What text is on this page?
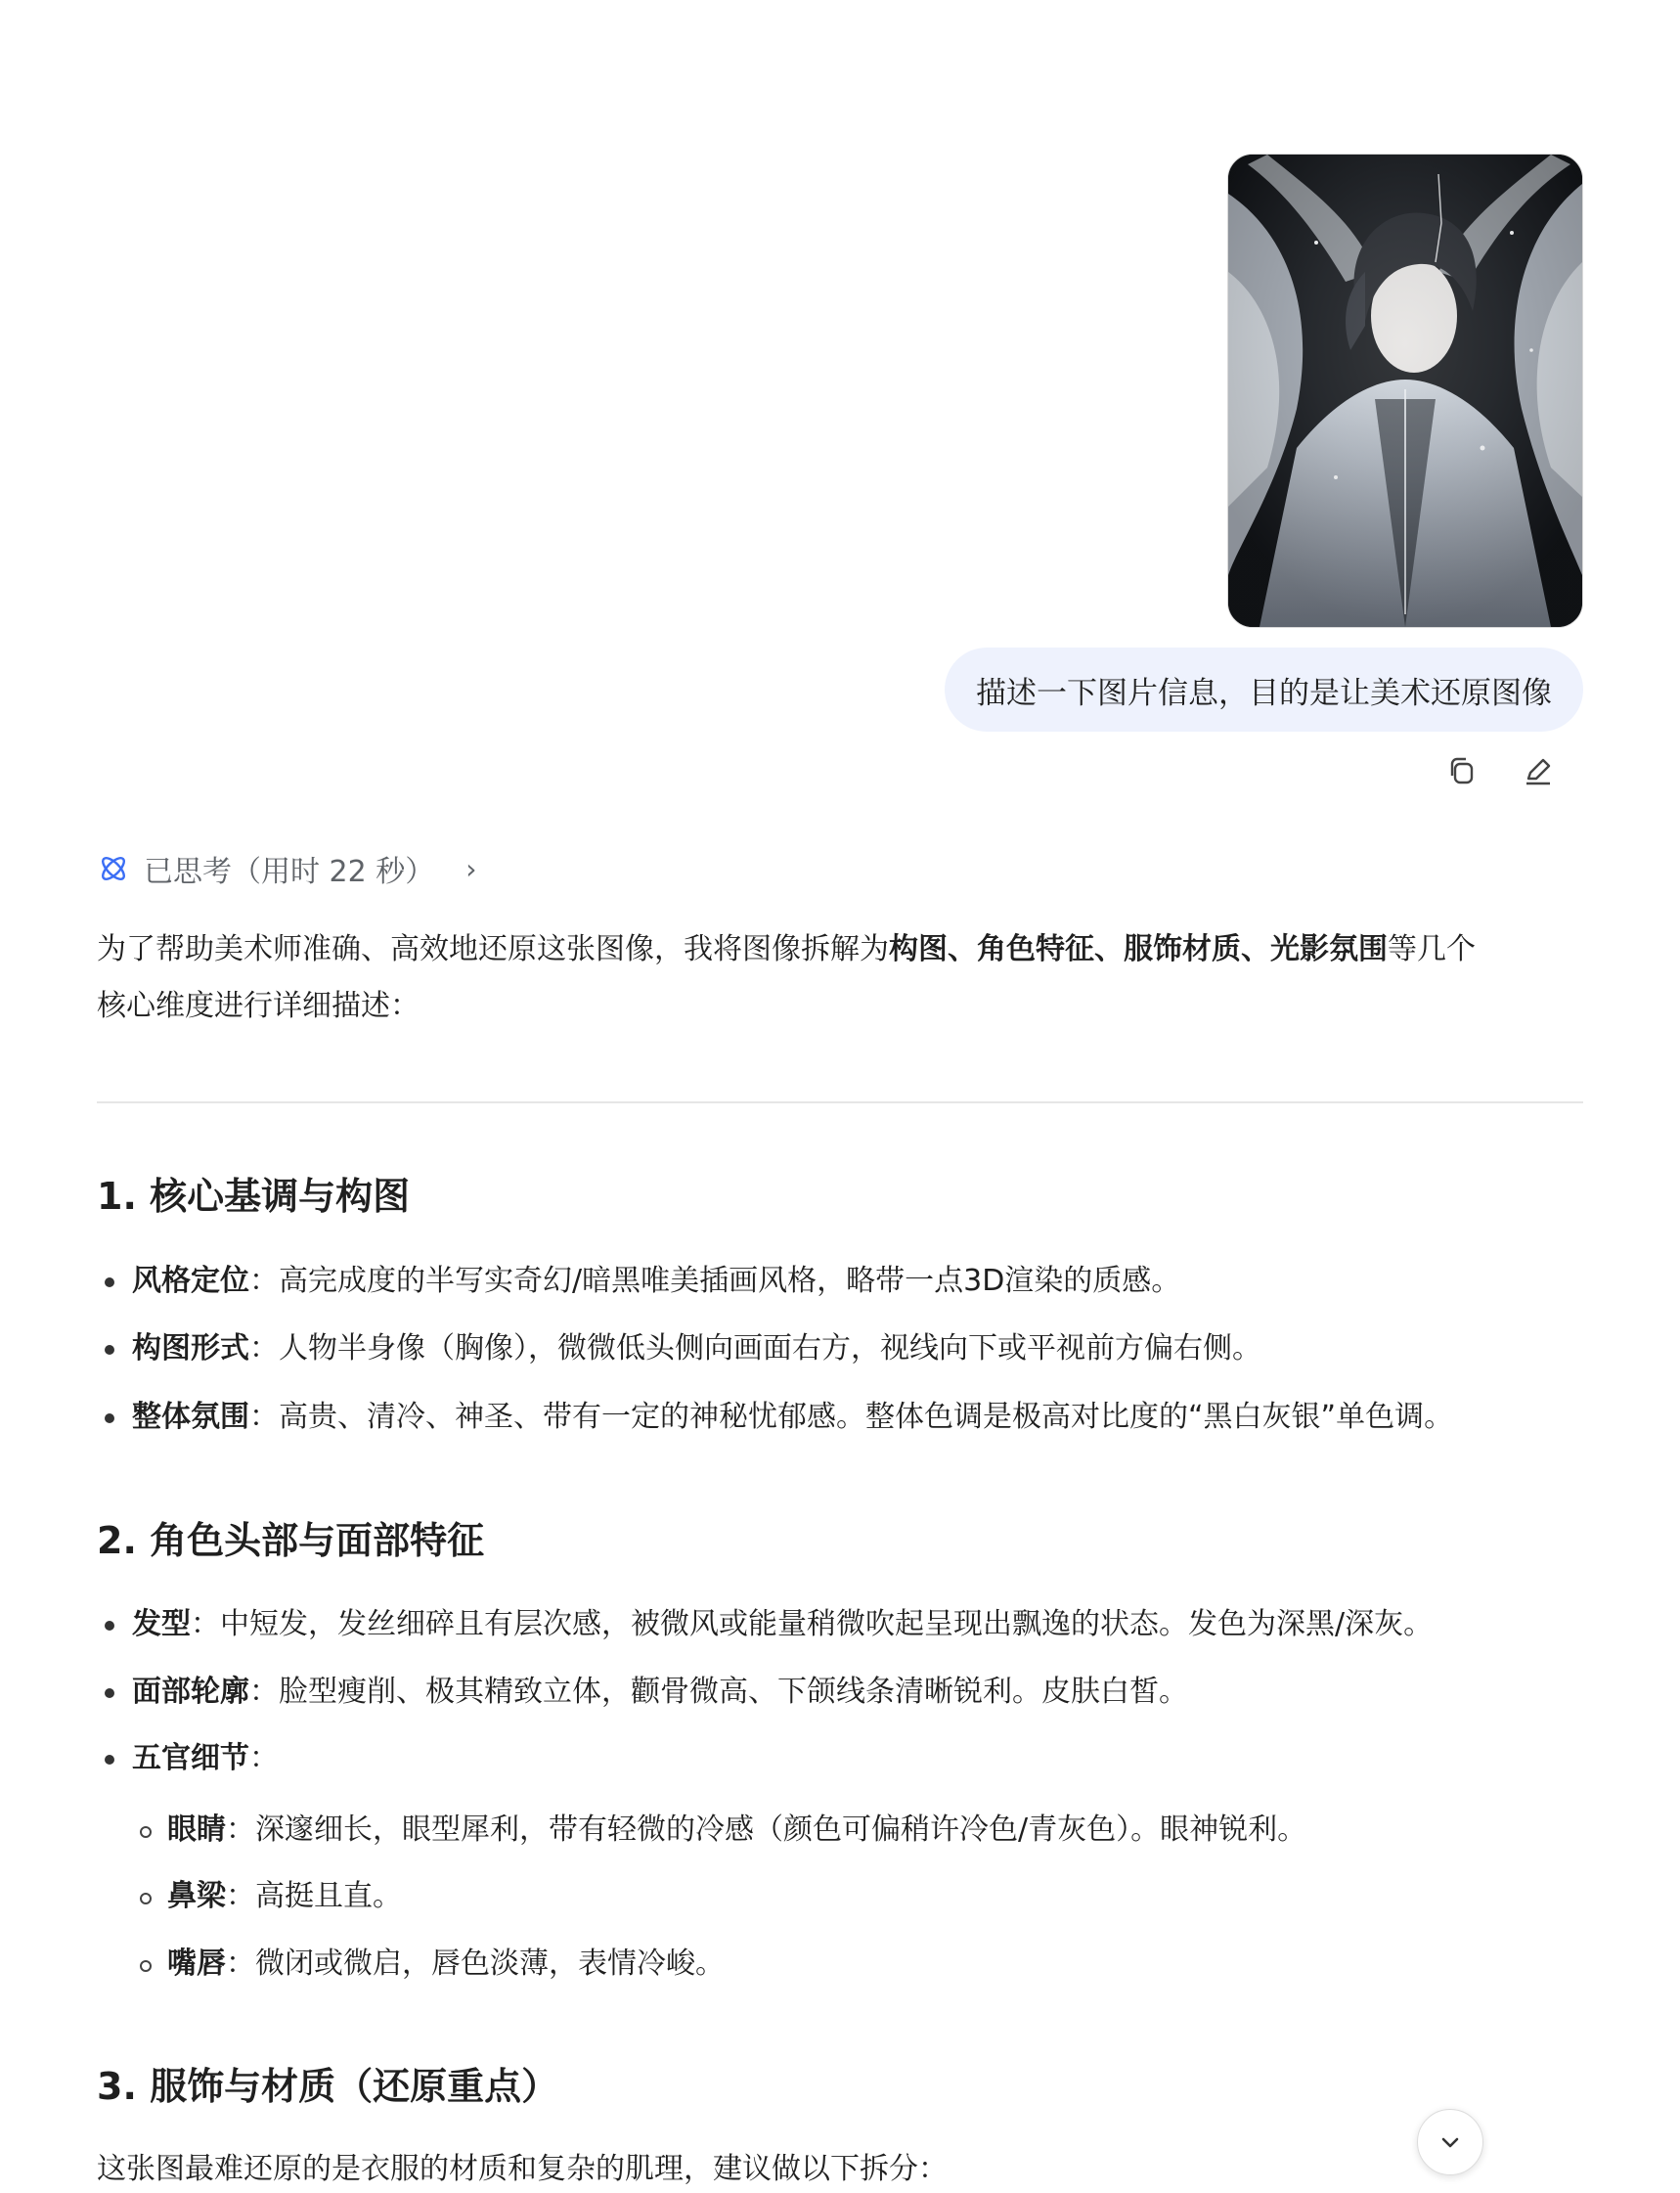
描述一下图片信息，目的是让美术还原图像
已思考（用时 22 秒） ›

为了帮助美术师准确、高效地还原这张图像，我将图像拆解为构图、角色特征、服饰材质、光影氛围等几个

核心维度进行详细描述：

1. 核心基调与构图
风格定位：高完成度的半写实奇幻/暗黑唯美插画风格，略带一点3D渲染的质感。
构图形式：人物半身像（胸像），微微低头侧向画面右方，视线向下或平视前方偏右侧。
整体氛围：高贵、清冷、神圣、带有一定的神秘忧郁感。整体色调是极高对比度的“黑白灰银”单色调。
2. 角色头部与面部特征
发型：中短发，发丝细碎且有层次感，被微风或能量稍微吹起呈现出飘逸的状态。发色为深黑/深灰。
面部轮廓：脸型瘦削、极其精致立体，颧骨微高、下颌线条清晰锐利。皮肤白皙。
五官细节：
眼睛：深邃细长，眼型犀利，带有轻微的冷感（颜色可偏稍许冷色/青灰色）。眼神锐利。
鼻梁：高挺且直。
嘴唇：微闭或微启，唇色淡薄，表情冷峻。
3. 服饰与材质（还原重点）
这张图最难还原的是衣服的材质和复杂的肌理，建议做以下拆分：
